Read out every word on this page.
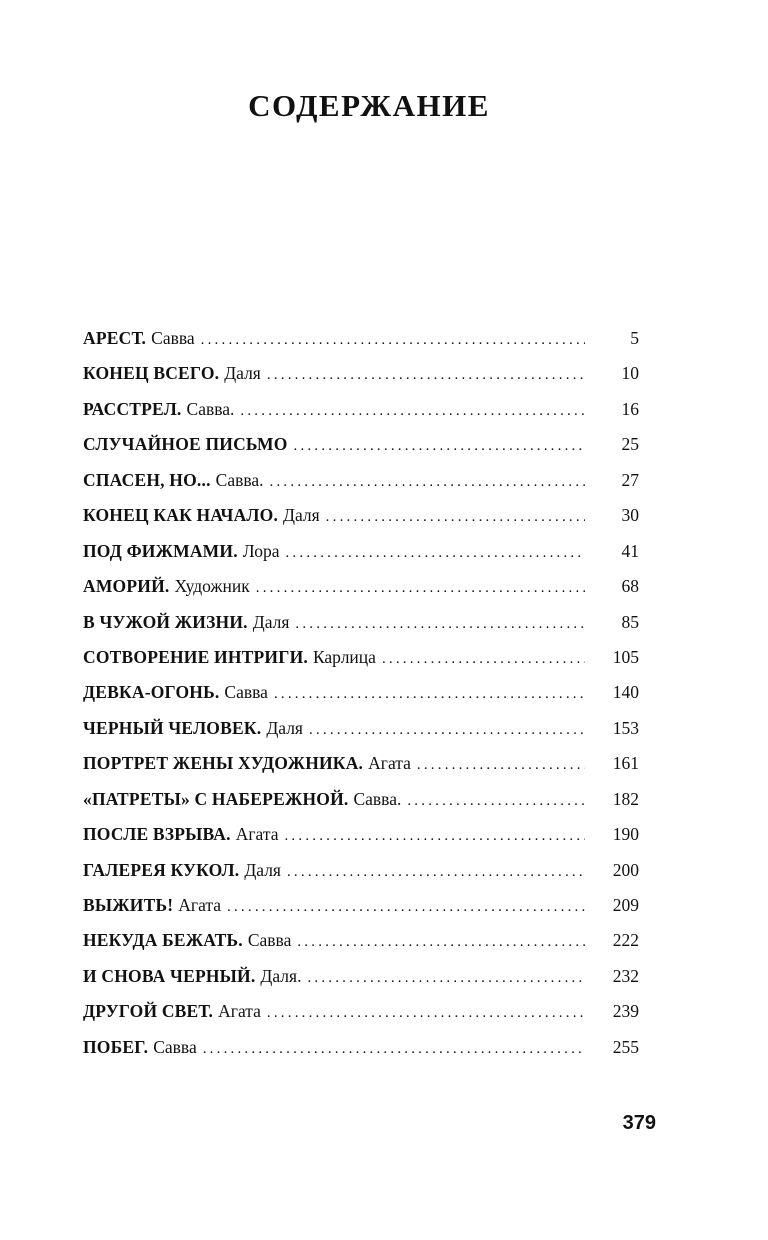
СОДЕРЖАНИЕ
АРЕСТ. Савва .....	5
КОНЕЦ ВСЕГО. Даля .....	10
РАССТРЕЛ. Савва. .....	16
СЛУЧАЙНОЕ ПИСЬМО .....	25
СПАСЕН, НО... Савва. .....	27
КОНЕЦ КАК НАЧАЛО. Даля .....	30
ПОД ФИЖМАМИ. Лора .....	41
АМОРИЙ. Художник .....	68
В ЧУЖОЙ ЖИЗНИ. Даля .....	85
СОТВОРЕНИЕ ИНТРИГИ. Карлица .....	105
ДЕВКА-ОГОНЬ. Савва .....	140
ЧЕРНЫЙ ЧЕЛОВЕК. Даля .....	153
ПОРТРЕТ ЖЕНЫ ХУДОЖНИКА. Агата .....	161
«ПАТРЕТЫ» С НАБЕРЕЖНОЙ. Савва. .....	182
ПОСЛЕ ВЗРЫВА. Агата .....	190
ГАЛЕРЕЯ КУКОЛ. Даля .....	200
ВЫЖИТЬ! Агата .....	209
НЕКУДА БЕЖАТЬ. Савва .....	222
И СНОВА ЧЕРНЫЙ. Даля. .....	232
ДРУГОЙ СВЕТ. Агата .....	239
ПОБЕГ. Савва .....	255

379
